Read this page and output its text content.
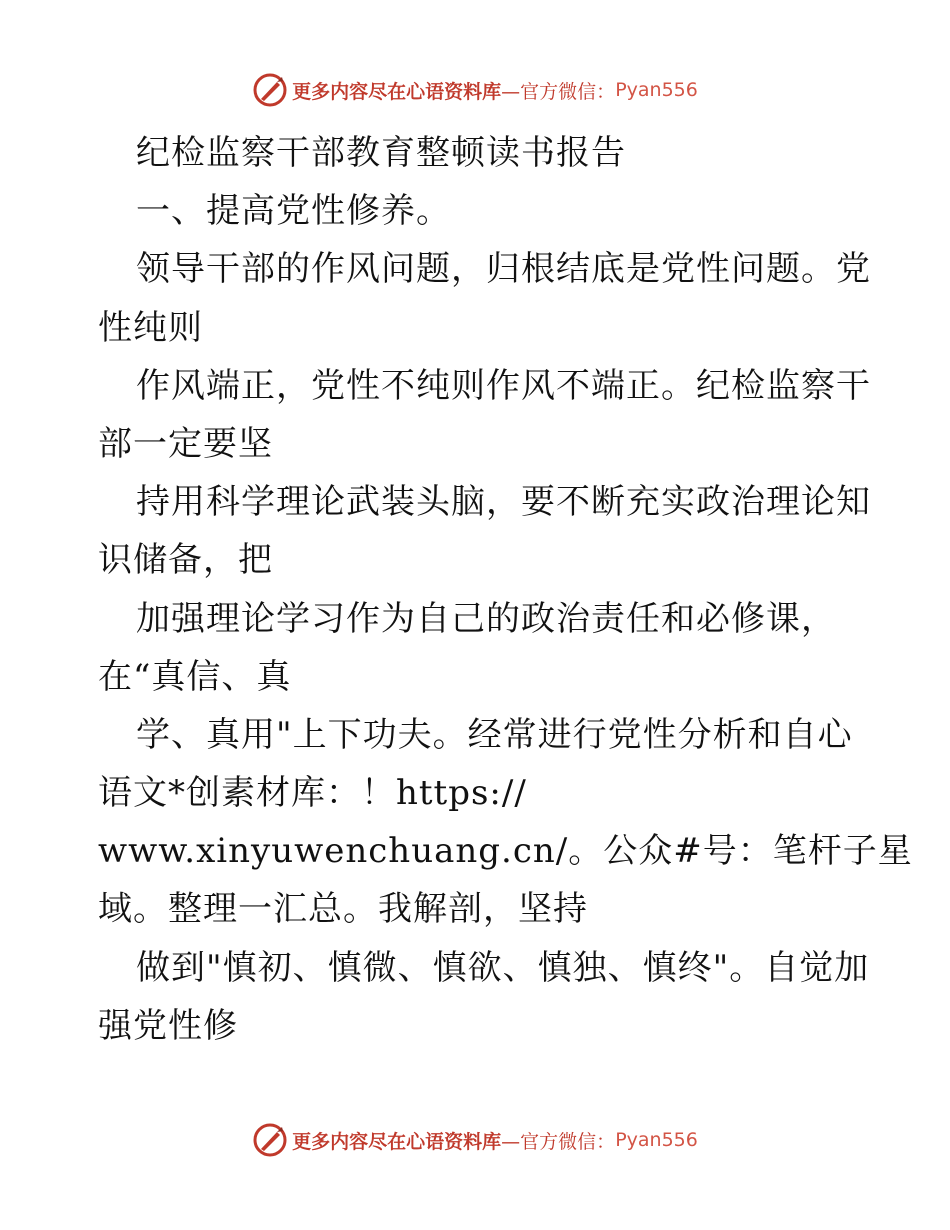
更多内容尽在心语资料库 —官方微信： Pyan556
纪检监察干部教育整顿读书报告
一、提高党性修养。
领导干部的作风问题，归根结底是党性问题。党
性纯则
作风端正，党性不纯则作风不端正。纪检监察干
部一定要坚
持用科学理论武装头脑，要不断充实政治理论知
识储备，把
加强理论学习作为自己的政治责任和必修课，
在“真信、真
学、真用"上下功夫。经常进行党性分析和自心
语文*创素材库：！https://
www.xinyuwenchuang.cn/。公众#号：笔杆子星
域。整理一汇总。我解剖，坚持
做到"慎初、慎微、慎欲、慎独、慎终"。自觉加
强党性修
更多内容尽在心语资料库 —官方微信： Pyan556
